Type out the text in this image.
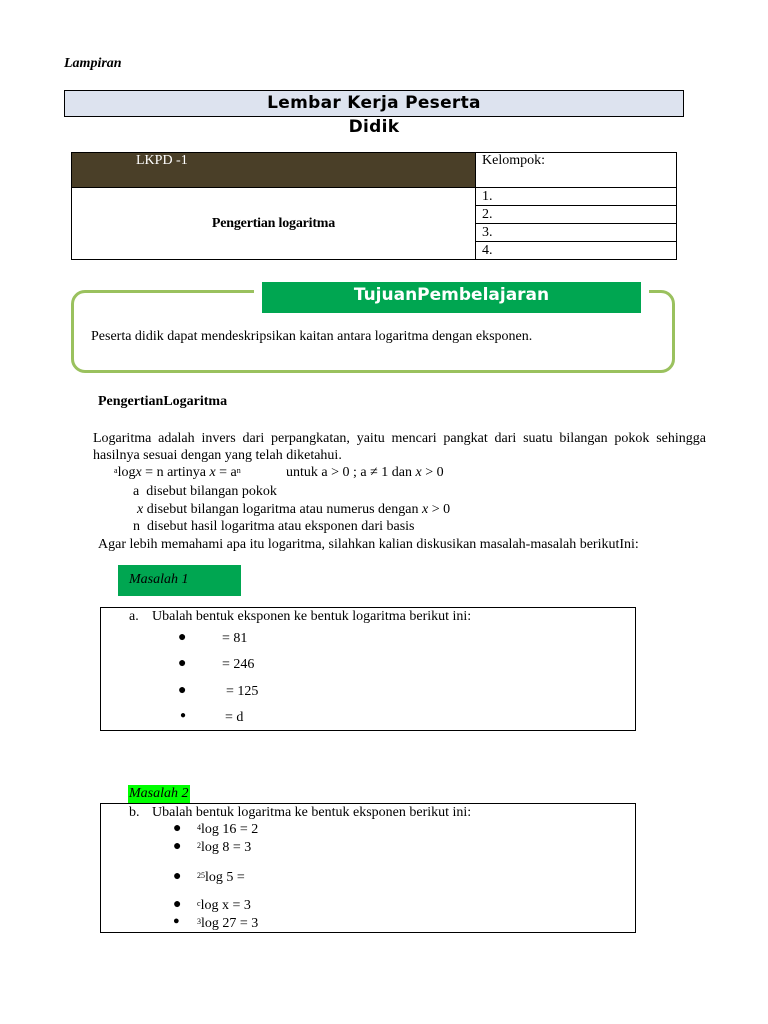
Lampiran
Lembar Kerja Peserta
Didik
LKPD -1	Kelompok:
Pengertian logaritma	1.
	2.
	3.
	4.
TujuanPembelajaran
Peserta didik dapat mendeskripsikan kaitan antara logaritma dengan eksponen.
PengertianLogaritma
Logaritma adalah invers dari perpangkatan, yaitu mencari pangkat dari suatu bilangan pokok sehingga hasilnya sesuai dengan yang telah diketahui.
$^a$logx = n artinya $x = a^n$	untuk a > 0 ; a ≠ 1 dan x > 0
a disebut bilangan pokok
x disebut bilangan logaritma atau numerus dengan x > 0
n disebut hasil logaritma atau eksponen dari basis
Agar lebih memahami apa itu logaritma, silahkan kalian diskusikan masalah-masalah berikutIni:
Masalah 1
a. Ubalah bentuk eksponen ke bentuk logaritma berikut ini:
●	= 81
●	= 246
●	= 125
●	= d
Masalah 2
b. Ubalah bentuk logaritma ke bentuk eksponen berikut ini:
● $^4$log 16 = 2
● $^2$log 8 = 3
● $^{25}$log 5 =
● $^c$log x = 3
● $^3$log 27 = 3
